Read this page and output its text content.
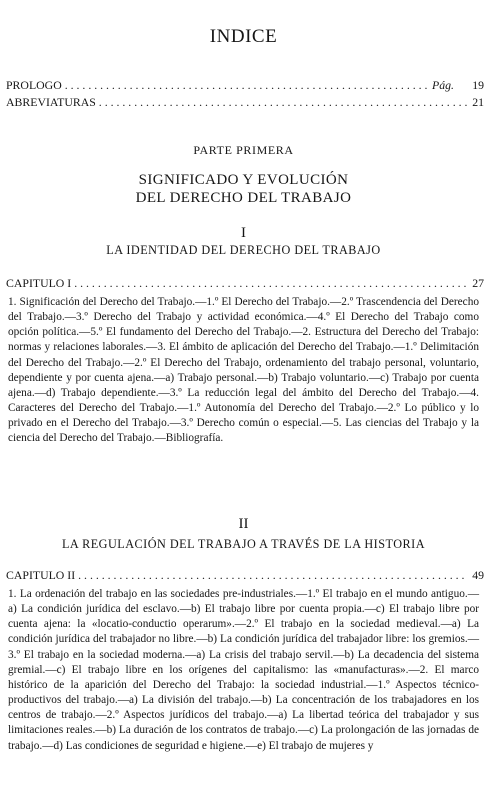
INDICE
PROLOGO . . .	Pág. 19
ABREVIATURAS . . .	21
PARTE PRIMERA
SIGNIFICADO Y EVOLUCIÓN
DEL DERECHO DEL TRABAJO
I
LA IDENTIDAD DEL DERECHO DEL TRABAJO
CAPITULO I . . .	27

1. Significación del Derecho del Trabajo.—1.º El Derecho del Trabajo.—2.º Trascendencia del Derecho del Trabajo.—3.º Derecho del Trabajo y actividad económica.—4.º El Derecho del Trabajo como opción política.—5.º El fundamento del Derecho del Trabajo.—2. Estructura del Derecho del Trabajo: normas y relaciones laborales.—3. El ámbito de aplicación del Derecho del Trabajo.—1.º Delimitación del Derecho del Trabajo.—2.º El Derecho del Trabajo, ordenamiento del trabajo personal, voluntario, dependiente y por cuenta ajena.—a) Trabajo personal.—b) Trabajo voluntario.—c) Trabajo por cuenta ajena.—d) Trabajo dependiente.—3.º La reducción legal del ámbito del Derecho del Trabajo.—4. Caracteres del Derecho del Trabajo.—1.º Autonomía del Derecho del Trabajo.—2.º Lo público y lo privado en el Derecho del Trabajo.—3.º Derecho común o especial.—5. Las ciencias del Trabajo y la ciencia del Derecho del Trabajo.—Bibliografía.

II
LA REGULACIÓN DEL TRABAJO A TRAVÉS DE LA HISTORIA
CAPITULO II . . .	49

1. La ordenación del trabajo en las sociedades pre-industriales.—1.º El trabajo en el mundo antiguo.—a) La condición jurídica del esclavo.—b) El trabajo libre por cuenta propia.—c) El trabajo libre por cuenta ajena: la «locatio-conductio operarum».—2.º El trabajo en la sociedad medieval.—a) La condición jurídica del trabajador no libre.—b) La condición jurídica del trabajador libre: los gremios.—3.º El trabajo en la sociedad moderna.—a) La crisis del trabajo servil.—b) La decadencia del sistema gremial.—c) El trabajo libre en los orígenes del capitalismo: las «manufacturas».—2. El marco histórico de la aparición del Derecho del Trabajo: la sociedad industrial.—1.º Aspectos técnico-productivos del trabajo.—a) La división del trabajo.—b) La concentración de los trabajadores en los centros de trabajo.—2.º Aspectos jurídicos del trabajo.—a) La libertad teórica del trabajador y sus limitaciones reales.—b) La duración de los contratos de trabajo.—c) La prolongación de las jornadas de trabajo.—d) Las condiciones de seguridad e higiene.—e) El trabajo de mujeres y
